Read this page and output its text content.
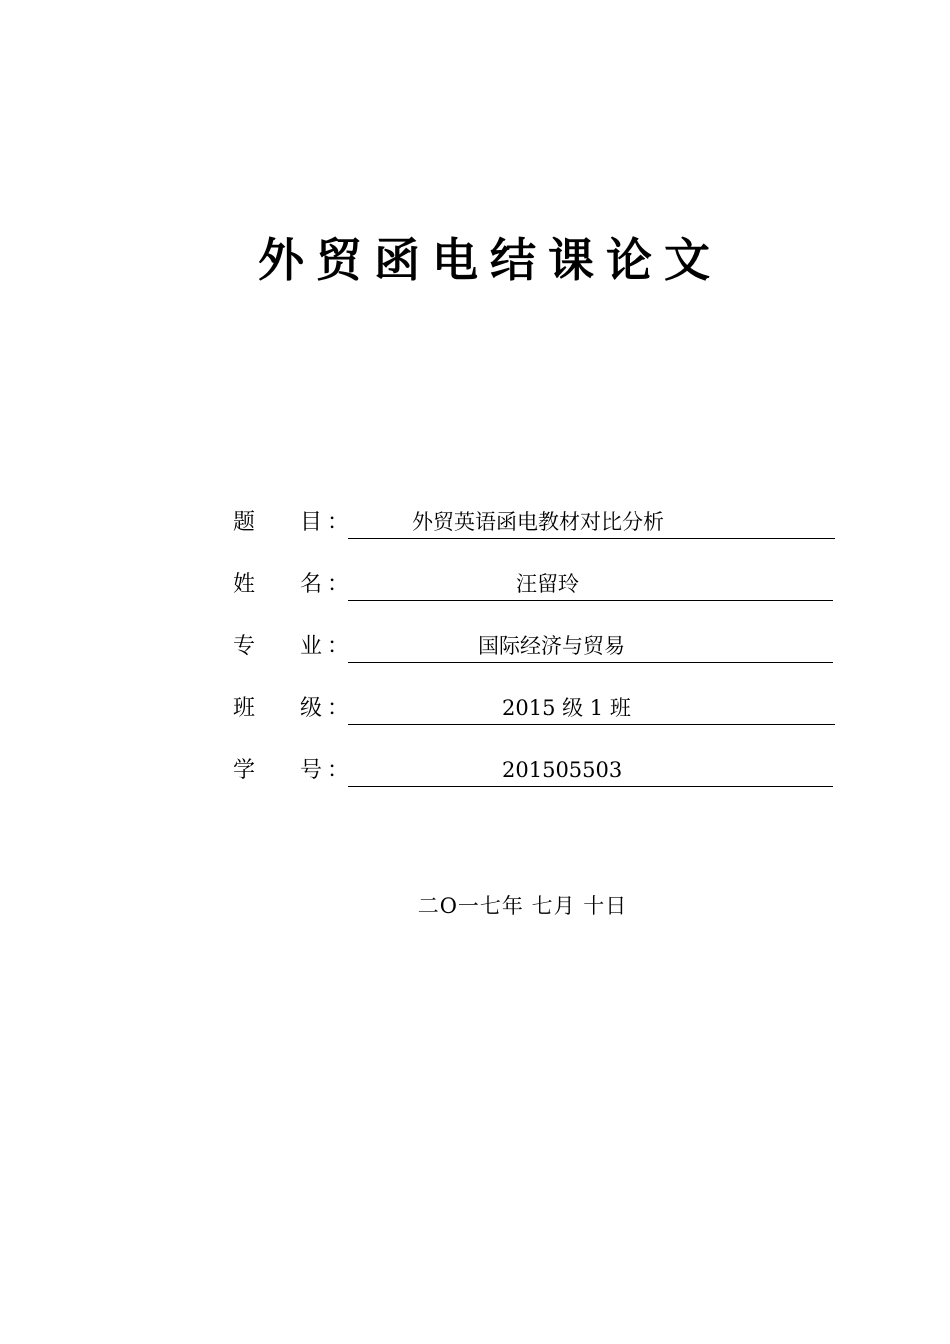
外贸函电结课论文
题 目 ：	外贸英语函电教材对比分析
姓 名 ：	汪留玲
专 业 ：	国际经济与贸易
班 级 ：	2015 级 1 班
学 号 ：	201505503
二O一七年 七月 十日
